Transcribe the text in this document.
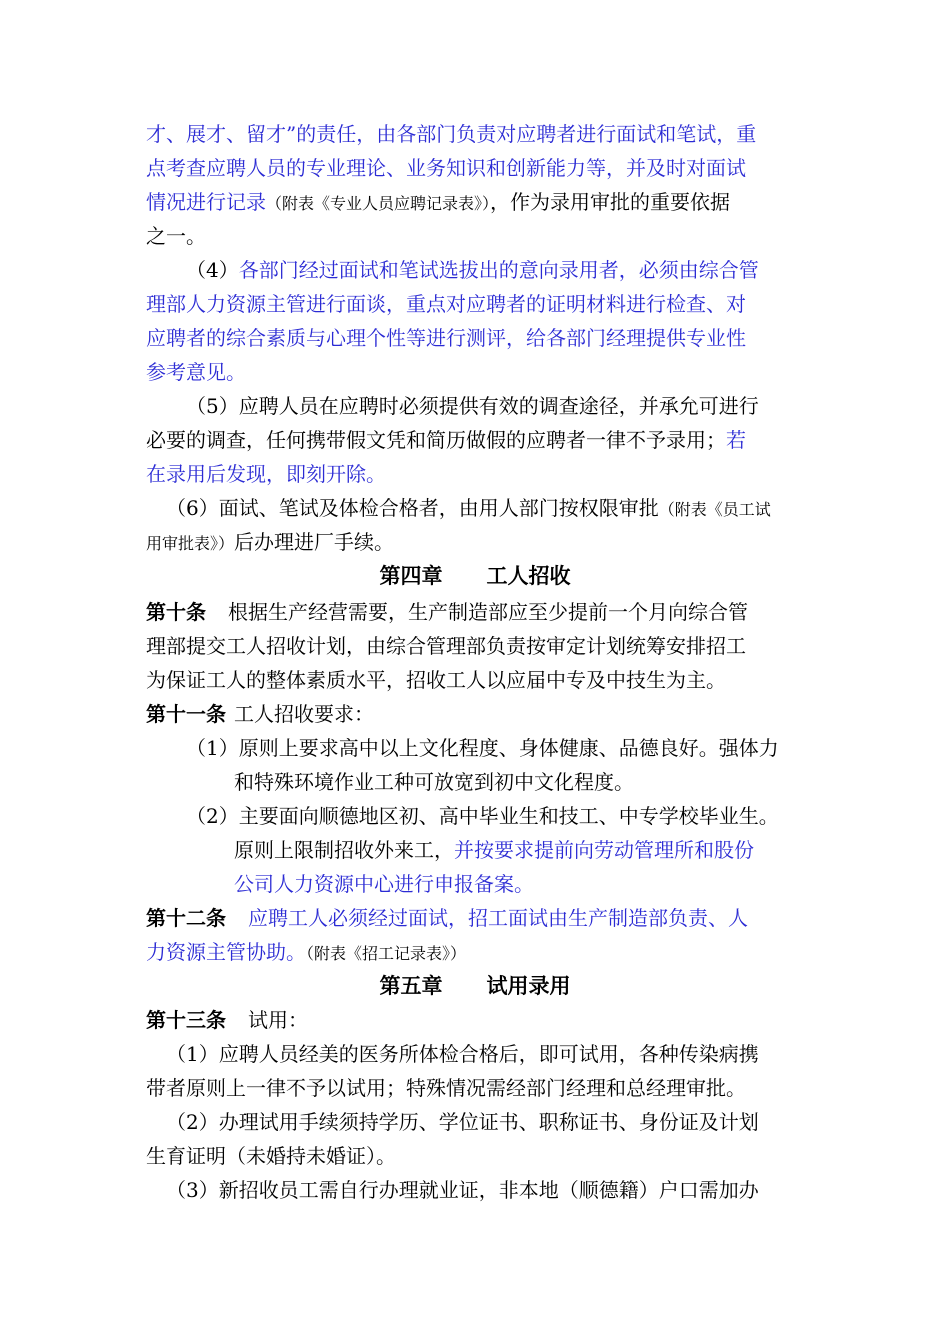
才、展才、留才”的责任，由各部门负责对应聘者进行面试和笔试，重
点考查应聘人员的专业理论、业务知识和创新能力等，并及时对面试
情况进行记录（附表《专业人员应聘记录表》），作为录用审批的重要依据
之一。
（4）各部门经过面试和笔试选拔出的意向录用者，必须由综合管
理部人力资源主管进行面谈，重点对应聘者的证明材料进行检查、对
应聘者的综合素质与心理个性等进行测评，给各部门经理提供专业性
参考意见。
（5）应聘人员在应聘时必须提供有效的调查途径，并承允可进行
必要的调查，任何携带假文凭和简历做假的应聘者一律不予录用；若
在录用后发现，即刻开除。
（6）面试、笔试及体检合格者，由用人部门按权限审批（附表《员工试
用审批表》）后办理进厂手续。
第四章 工人招收
第十条 根据生产经营需要，生产制造部应至少提前一个月向综合管
理部提交工人招收计划，由综合管理部负责按审定计划统筹安排招工
为保证工人的整体素质水平，招收工人以应届中专及中技生为主。
第十一条 工人招收要求：
（1）原则上要求高中以上文化程度、身体健康、品德良好。强体力
和特殊环境作业工种可放宽到初中文化程度。
（2）主要面向顺德地区初、高中毕业生和技工、中专学校毕业生。
原则上限制招收外来工，并按要求提前向劳动管理所和股份
公司人力资源中心进行申报备案。
第十二条 应聘工人必须经过面试，招工面试由生产制造部负责、人
力资源主管协助。（附表《招工记录表》）
第五章 试用录用
第十三条 试用：
（1）应聘人员经美的医务所体检合格后，即可试用，各种传染病携
带者原则上一律不予以试用；特殊情况需经部门经理和总经理审批。
（2）办理试用手续须持学历、学位证书、职称证书、身份证及计划
生育证明（未婚持未婚证）。
（3）新招收员工需自行办理就业证，非本地（顺德籍）户口需加办
